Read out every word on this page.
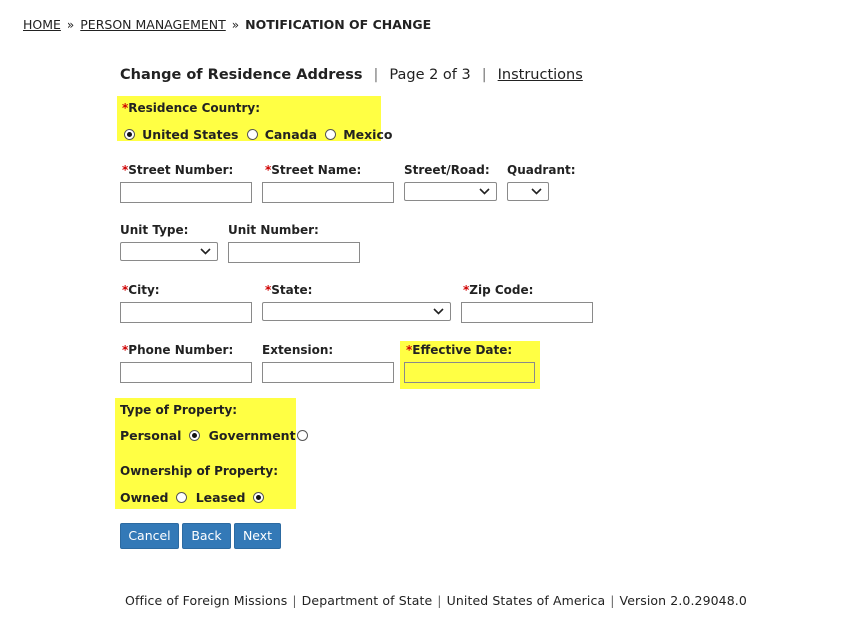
HOME » PERSON MANAGEMENT » NOTIFICATION OF CHANGE
Change of Residence Address | Page 2 of 3 | Instructions
*Residence Country:
United States Canada Mexico
*Street Number:	*Street Name:	Street/Road: Quadrant:
Unit Type:	Unit Number:
*City:	*State:	*Zip Code:
*Phone Number: Extension:	*Effective Date:
Type of Property:
Personal Government
Ownership of Property:
Owned Leased
Cancel	Back	Next
Office of Foreign Missions | Department of State | United States of America | Version 2.0.29048.0
